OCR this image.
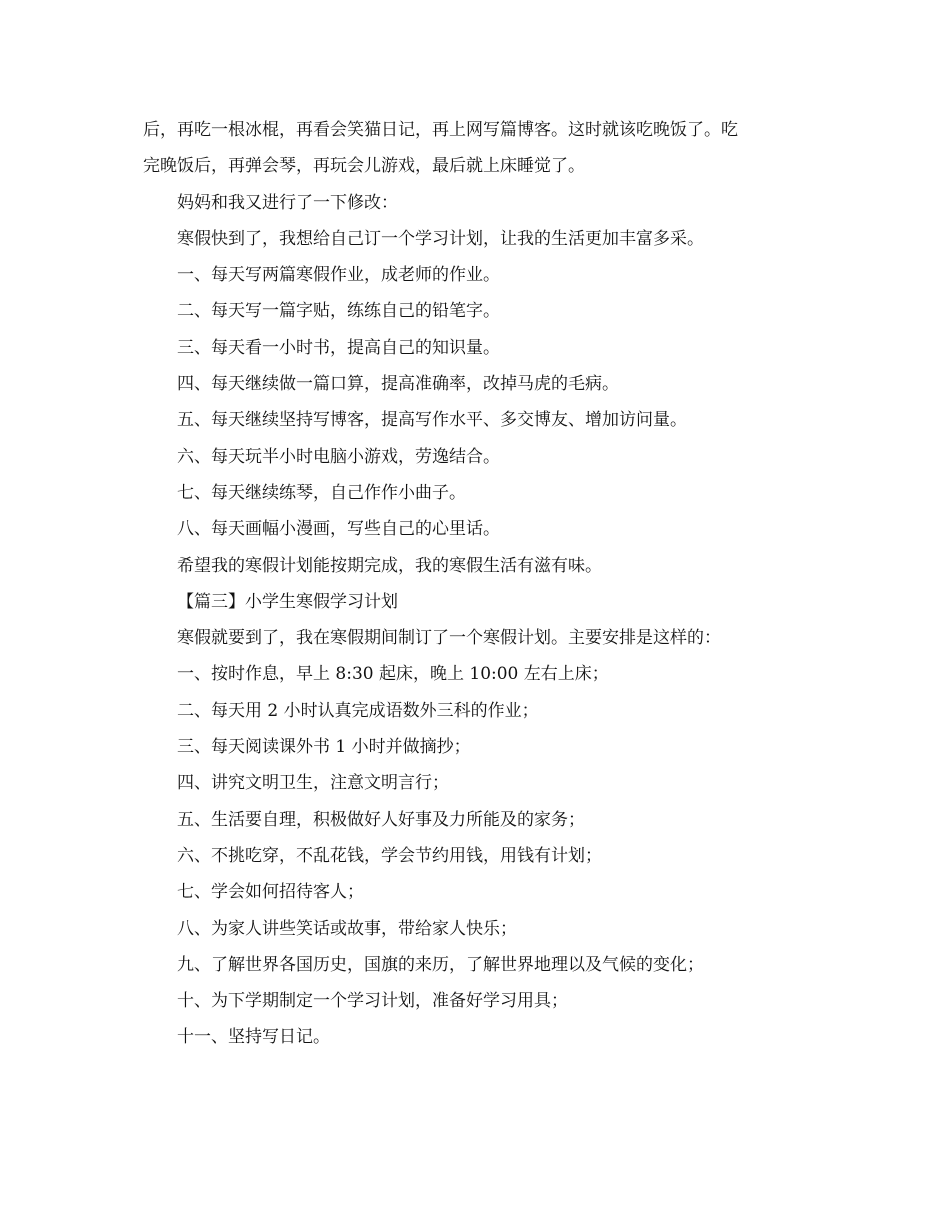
后，再吃一根冰棍，再看会笑猫日记，再上网写篇博客。这时就该吃晚饭了。吃

完晚饭后，再弹会琴，再玩会儿游戏，最后就上床睡觉了。

妈妈和我又进行了一下修改：

寒假快到了，我想给自己订一个学习计划，让我的生活更加丰富多采。

一、每天写两篇寒假作业，成老师的作业。

二、每天写一篇字贴，练练自己的铅笔字。

三、每天看一小时书，提高自己的知识量。

四、每天继续做一篇口算，提高准确率，改掉马虎的毛病。

五、每天继续坚持写博客，提高写作水平、多交博友、增加访问量。

六、每天玩半小时电脑小游戏，劳逸结合。

七、每天继续练琴，自己作作小曲子。

八、每天画幅小漫画，写些自己的心里话。

希望我的寒假计划能按期完成，我的寒假生活有滋有味。

【篇三】小学生寒假学习计划

寒假就要到了，我在寒假期间制订了一个寒假计划。主要安排是这样的：

一、按时作息，早上 8:30 起床，晚上 10:00 左右上床；

二、每天用 2 小时认真完成语数外三科的作业；

三、每天阅读课外书 1 小时并做摘抄；

四、讲究文明卫生，注意文明言行；

五、生活要自理，积极做好人好事及力所能及的家务；

六、不挑吃穿，不乱花钱，学会节约用钱，用钱有计划；

七、学会如何招待客人；

八、为家人讲些笑话或故事，带给家人快乐；

九、了解世界各国历史，国旗的来历，了解世界地理以及气候的变化；

十、为下学期制定一个学习计划，准备好学习用具；

十一、坚持写日记。
